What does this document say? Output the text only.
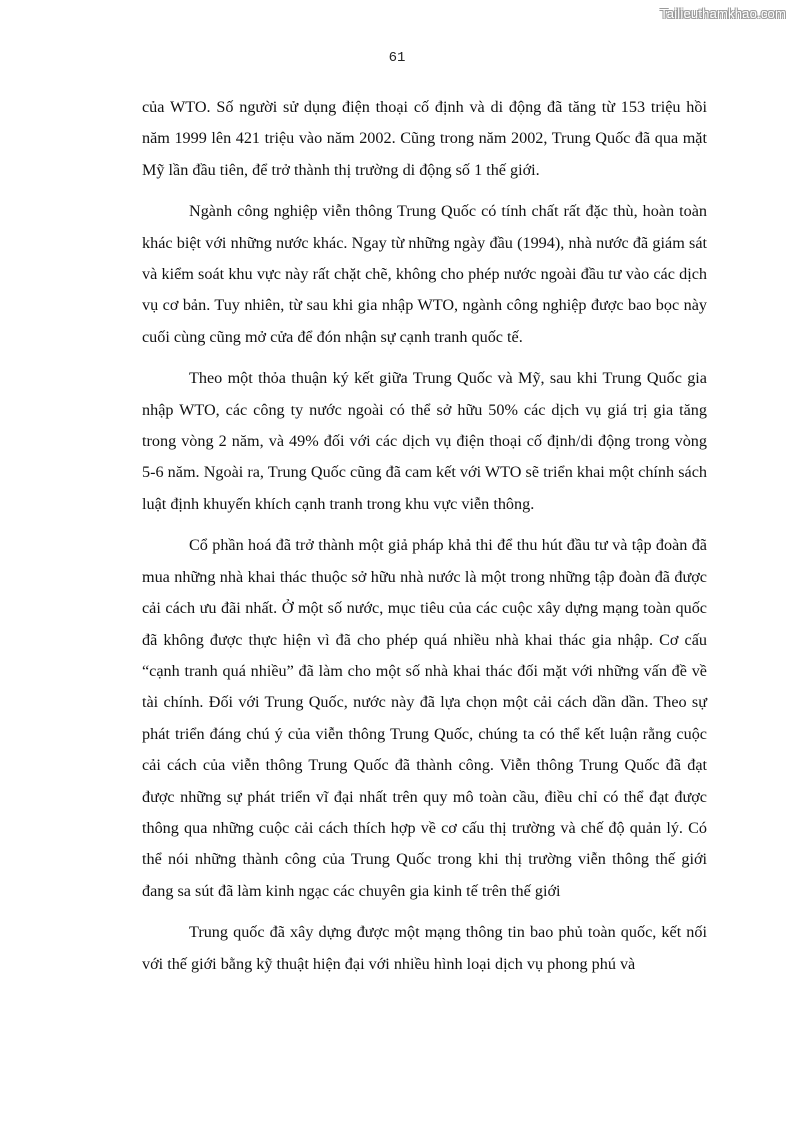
Tailieuthamkhao.com
61

của WTO. Số người sử dụng điện thoại cố định và di động đã tăng từ 153 triệu hồi năm 1999 lên 421 triệu vào năm 2002. Cũng trong năm 2002, Trung Quốc đã qua mặt Mỹ lần đầu tiên, để trở thành thị trường di động số 1 thế giới.

Ngành công nghiệp viễn thông Trung Quốc có tính chất rất đặc thù, hoàn toàn khác biệt với những nước khác. Ngay từ những ngày đầu (1994), nhà nước đã giám sát và kiểm soát khu vực này rất chặt chẽ, không cho phép nước ngoài đầu tư vào các dịch vụ cơ bản. Tuy nhiên, từ sau khi gia nhập WTO, ngành công nghiệp được bao bọc này cuối cùng cũng mở cửa để đón nhận sự cạnh tranh quốc tế.

Theo một thỏa thuận ký kết giữa Trung Quốc và Mỹ, sau khi Trung Quốc gia nhập WTO, các công ty nước ngoài có thể sở hữu 50% các dịch vụ giá trị gia tăng trong vòng 2 năm, và 49% đối với các dịch vụ điện thoại cố định/di động trong vòng 5-6 năm. Ngoài ra, Trung Quốc cũng đã cam kết với WTO sẽ triển khai một chính sách luật định khuyến khích cạnh tranh trong khu vực viễn thông.

Cổ phần hoá đã trở thành một giả pháp khả thi để thu hút đầu tư và tập đoàn đã mua những nhà khai thác thuộc sở hữu nhà nước là một trong những tập đoàn đã được cải cách ưu đãi nhất. Ở một số nước, mục tiêu của các cuộc xây dựng mạng toàn quốc đã không được thực hiện vì đã cho phép quá nhiều nhà khai thác gia nhập. Cơ cấu “cạnh tranh quá nhiều” đã làm cho một số nhà khai thác đối mặt với những vấn đề về tài chính. Đối với Trung Quốc, nước này đã lựa chọn một cải cách dần dần. Theo sự phát triển đáng chú ý của viễn thông Trung Quốc, chúng ta có thể kết luận rằng cuộc cải cách của viễn thông Trung Quốc đã thành công. Viễn thông Trung Quốc đã đạt được những sự phát triển vĩ đại nhất trên quy mô toàn cầu, điều chỉ có thể đạt được thông qua những cuộc cải cách thích hợp về cơ cấu thị trường và chế độ quản lý. Có thể nói những thành công của Trung Quốc trong khi thị trường viễn thông thế giới đang sa sút đã làm kinh ngạc các chuyên gia kinh tế trên thế giới

Trung quốc đã xây dựng được một mạng thông tin bao phủ toàn quốc, kết nối với thế giới bằng kỹ thuật hiện đại với nhiều hình loại dịch vụ phong phú và
